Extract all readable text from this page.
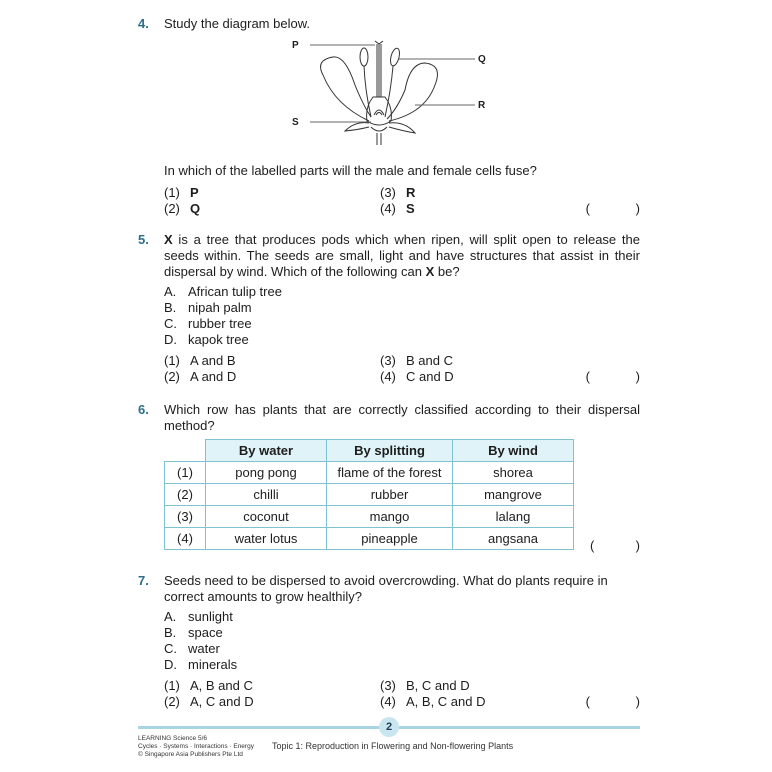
4. Study the diagram below.
P
Q
R
S
In which of the labelled parts will the male and female cells fuse?
(1) P
(2) Q
(3) R
(4) S	(	)
5. X is a tree that produces pods which when ripen, will split open to release the seeds within. The seeds are small, light and have structures that assist in their dispersal by wind. Which of the following can X be?
A. African tulip tree
B. nipah palm
C. rubber tree
D. kapok tree
(1) A and B
(2) A and D
(3) B and C
(4) C and D	(	)
6. Which row has plants that are correctly classified according to their dispersal method?
	By water	By splitting	By wind
(1)	pong pong	flame of the forest	shorea
(2)	chilli	rubber	mangrove
(3)	coconut	mango	lalang
(4)	water lotus	pineapple	angsana	(	)
7. Seeds need to be dispersed to avoid overcrowding. What do plants require in correct amounts to grow healthily?
A. sunlight
B. space
C. water
D. minerals
(1) A, B and C
(2) A, C and D
(3) B, C and D
(4) A, B, C and D	(	)
2
LEARNING Science 5/6
Cycles · Systems · Interactions · Energy
© Singapore Asia Publishers Pte Ltd
Topic 1: Reproduction in Flowering and Non-flowering Plants
